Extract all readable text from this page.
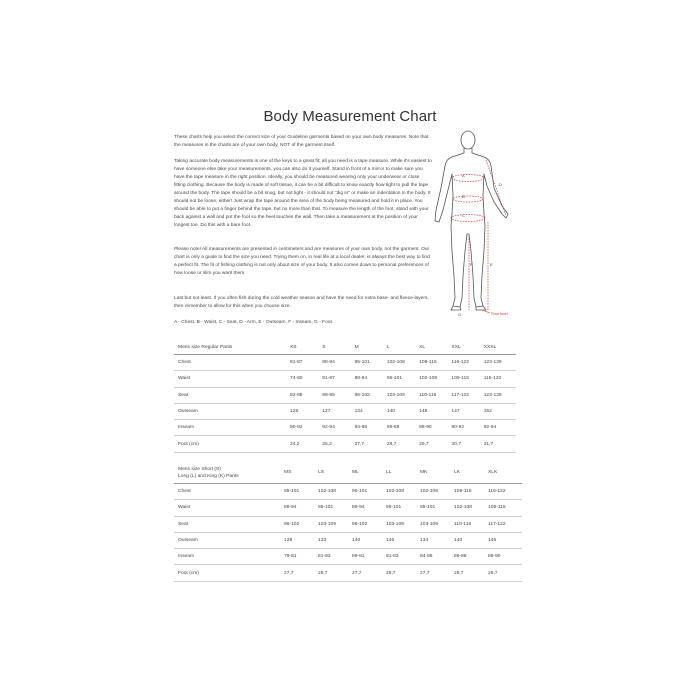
Body Measurement Chart

These charts help you select the correct size of your Guideline garments based on your own body measures. Note that the measures in the charts are of your own body, NOT of the garment itself.

Taking accurate body measurements is one of the keys to a great fit; all you need is a tape measure. While it's easiest to have someone else take your measurements, you can also do it yourself. Stand in front of a mirror to make sure you have the tape measure in the right position. Ideally, you should be measured wearing only your underwear or close fitting clothing. Because the body is made of soft tissue, it can be a bit difficult to know exactly how tight to pull the tape around the body. The tape should be a bit snug, but not tight - it should not "dig in" or make an indentation in the body. It should not be loose, either! Just wrap the tape around the area of the body being measured and hold it in place. You should be able to put a finger behind the tape, but no more than that. To measure the length of the foot, stand with your back against a wall and put the foot so the heel touches the wall. Then take a measurement at the position of your longest toe. Do this with a bare foot.

Please note! All measurements are presented in centimeters and are measures of your own body, not the garment. Our chart is only a guide to find the size you need. Trying them on, in real life at a local dealer, is always the best way to find a perfect fit. The fit of fishing clothing is not only about size of your body. It also comes down to personal preferences of how loose or slim you want them.

Last but not least. If you often fish during the cold weather season and have the need for extra base- and fleece-layers, then remember to allow for this when you choose size.

A - Chest, B - Waist, C - Seat, D - Arm, E - Outseam, F - Inseam, G - Foot.
A
B
C
D
E
F
G	Floor level
Mens size Regular Pants	XS	S	M	L	XL	XXL	XXXL
Chest	81-87	88-94	95-101	102-108	109-115	116-122	123-129
Waist	74-80	81-87	88-94	95-101	102-108	109-115	116-122
Seat	82-88	89-95	96-102	103-109	110-116	117-122	123-128
Outseam	125	127	134	140	145	147	152
Inseam	80-82	92-94	94-86	86-88	88-90	90-92	92-94
Foot (cm)	24,2	25,2	27,7	28,7	29,7	30,7	31,7
Mens size Short (S)
Long (L) and King (K) Pants	MS	LS	ML	LL	MK	LK	XLK
Chest	95-101	102-108	95-101	102-108	102-108	109-115	116-122
Waist	88-94	95-101	88-94	95-101	95-101	102-108	109-115
Seat	96-102	103-109	96-102	103-109	103-109	110-116	117-122
Outseam	128	133	140	146	134	140	145
Inseam	79-81	81-83	89-81	81-83	84-86	86-88	88-90
Foot (cm)	27,7	28,7	27,7	28,7	27,7	28,7	29,7
